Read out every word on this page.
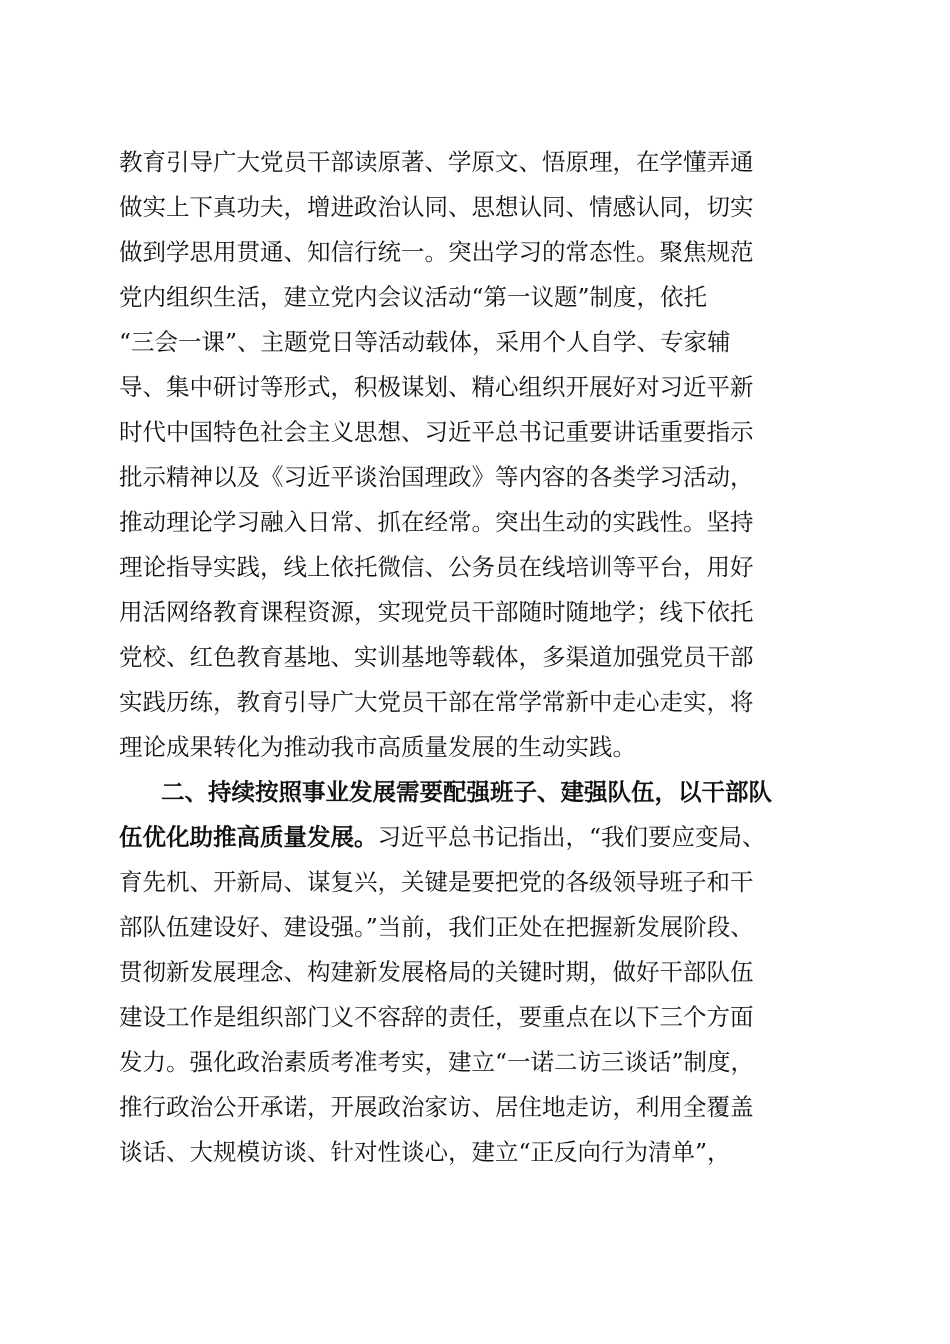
教育引导广大党员干部读原著、学原文、悟原理，在学懂弄通
做实上下真功夫，增进政治认同、思想认同、情感认同，切实
做到学思用贯通、知信行统一。突出学习的常态性。聚焦规范
党内组织生活，建立党内会议活动“第一议题”制度，依托
“三会一课”、主题党日等活动载体，采用个人自学、专家辅
导、集中研讨等形式，积极谋划、精心组织开展好对习近平新
时代中国特色社会主义思想、习近平总书记重要讲话重要指示
批示精神以及《习近平谈治国理政》等内容的各类学习活动，
推动理论学习融入日常、抓在经常。突出生动的实践性。坚持
理论指导实践，线上依托微信、公务员在线培训等平台，用好
用活网络教育课程资源，实现党员干部随时随地学；线下依托
党校、红色教育基地、实训基地等载体，多渠道加强党员干部
实践历练，教育引导广大党员干部在常学常新中走心走实，将
理论成果转化为推动我市高质量发展的生动实践。
二、持续按照事业发展需要配强班子、建强队伍，以干部队
伍优化助推高质量发展。习近平总书记指出，“我们要应变局、
育先机、开新局、谋复兴，关键是要把党的各级领导班子和干
部队伍建设好、建设强。”当前，我们正处在把握新发展阶段、
贯彻新发展理念、构建新发展格局的关键时期，做好干部队伍
建设工作是组织部门义不容辞的责任，要重点在以下三个方面
发力。强化政治素质考准考实，建立“一诺二访三谈话”制度，
推行政治公开承诺，开展政治家访、居住地走访，利用全覆盖
谈话、大规模访谈、针对性谈心，建立“正反向行为清单”，
